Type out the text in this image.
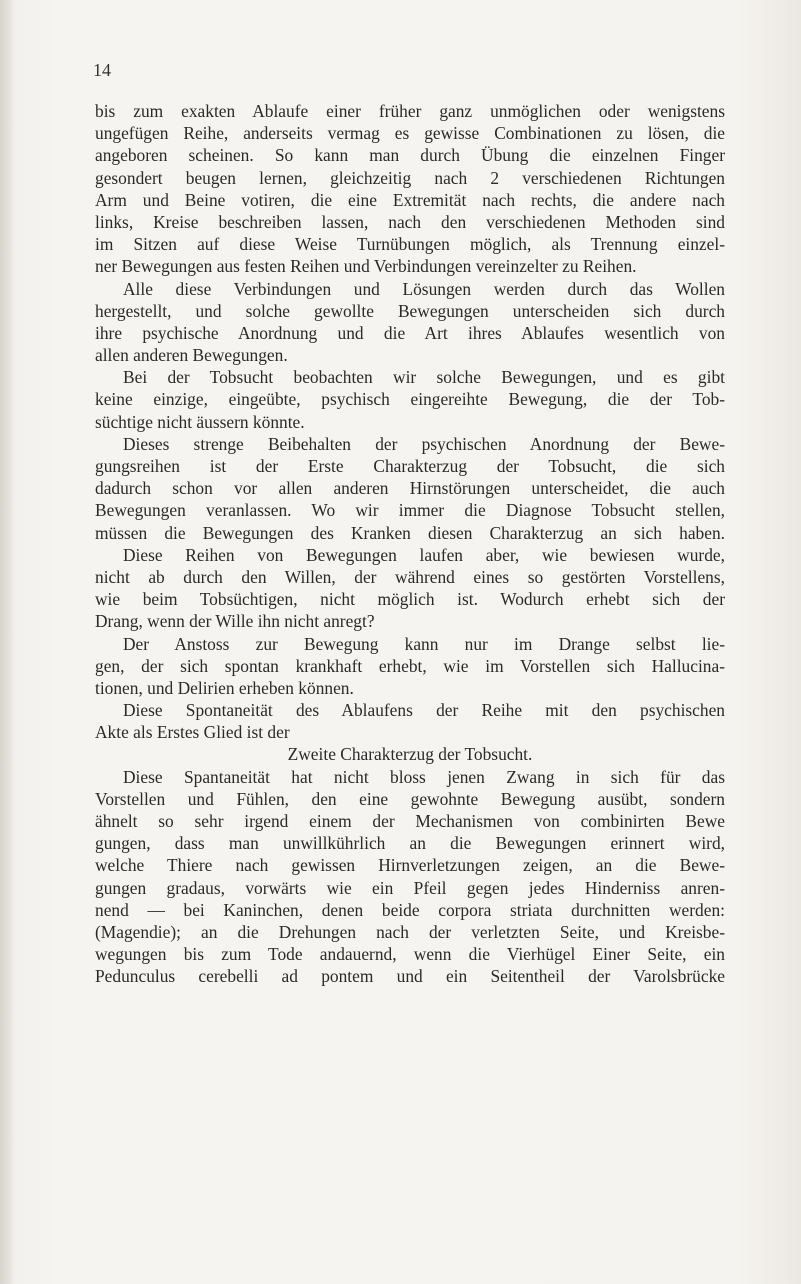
14
bis zum exakten Ablaufe einer früher ganz unmöglichen oder wenigstens
ungefügen Reihe, anderseits vermag es gewisse Combinationen zu lösen, die
angeboren scheinen. So kann man durch Übung die einzelnen Finger
gesondert beugen lernen, gleichzeitig nach 2 verschiedenen Richtungen
Arm und Beine votiren, die eine Extremität nach rechts, die andere nach
links, Kreise beschreiben lassen, nach den verschiedenen Methoden sind
im Sitzen auf diese Weise Turnübungen möglich, als Trennung einzel-
ner Bewegungen aus festen Reihen und Verbindungen vereinzelter zu Reihen.
Alle diese Verbindungen und Lösungen werden durch das Wollen
hergestellt, und solche gewollte Bewegungen unterscheiden sich durch
ihre psychische Anordnung und die Art ihres Ablaufes wesentlich von
allen anderen Bewegungen.
Bei der Tobsucht beobachten wir solche Bewegungen, und es gibt
keine einzige, eingeübte, psychisch eingereihte Bewegung, die der Tob-
süchtige nicht äussern könnte.
Dieses strenge Beibehalten der psychischen Anordnung der Bewe-
gungsreihen ist der Erste Charakterzug der Tobsucht, die sich
dadurch schon vor allen anderen Hirnstörungen unterscheidet, die auch
Bewegungen veranlassen. Wo wir immer die Diagnose Tobsucht stellen,
müssen die Bewegungen des Kranken diesen Charakterzug an sich haben.
Diese Reihen von Bewegungen laufen aber, wie bewiesen wurde,
nicht ab durch den Willen, der während eines so gestörten Vorstellens,
wie beim Tobsüchtigen, nicht möglich ist. Wodurch erhebt sich der
Drang, wenn der Wille ihn nicht anregt?
Der Anstoss zur Bewegung kann nur im Drange selbst lie-
gen, der sich spontan krankhaft erhebt, wie im Vorstellen sich Hallucina-
tionen, und Delirien erheben können.
Diese Spontaneität des Ablaufens der Reihe mit den psychischen
Akte als Erstes Glied ist der
Zweite Charakterzug der Tobsucht.
Diese Spantaneität hat nicht bloss jenen Zwang in sich für das
Vorstellen und Fühlen, den eine gewohnte Bewegung ausübt, sondern
ähnelt so sehr irgend einem der Mechanismen von combinirten Bewe
gungen, dass man unwillkührlich an die Bewegungen erinnert wird,
welche Thiere nach gewissen Hirnverletzungen zeigen, an die Bewe-
gungen gradaus, vorwärts wie ein Pfeil gegen jedes Hinderniss anren-
nend — bei Kaninchen, denen beide corpora striata durchnitten werden:
(Magendie); an die Drehungen nach der verletzten Seite, und Kreisbe-
wegungen bis zum Tode andauernd, wenn die Vierhügel Einer Seite, ein
Pedunculus cerebelli ad pontem und ein Seitentheil der Varolsbrücke
